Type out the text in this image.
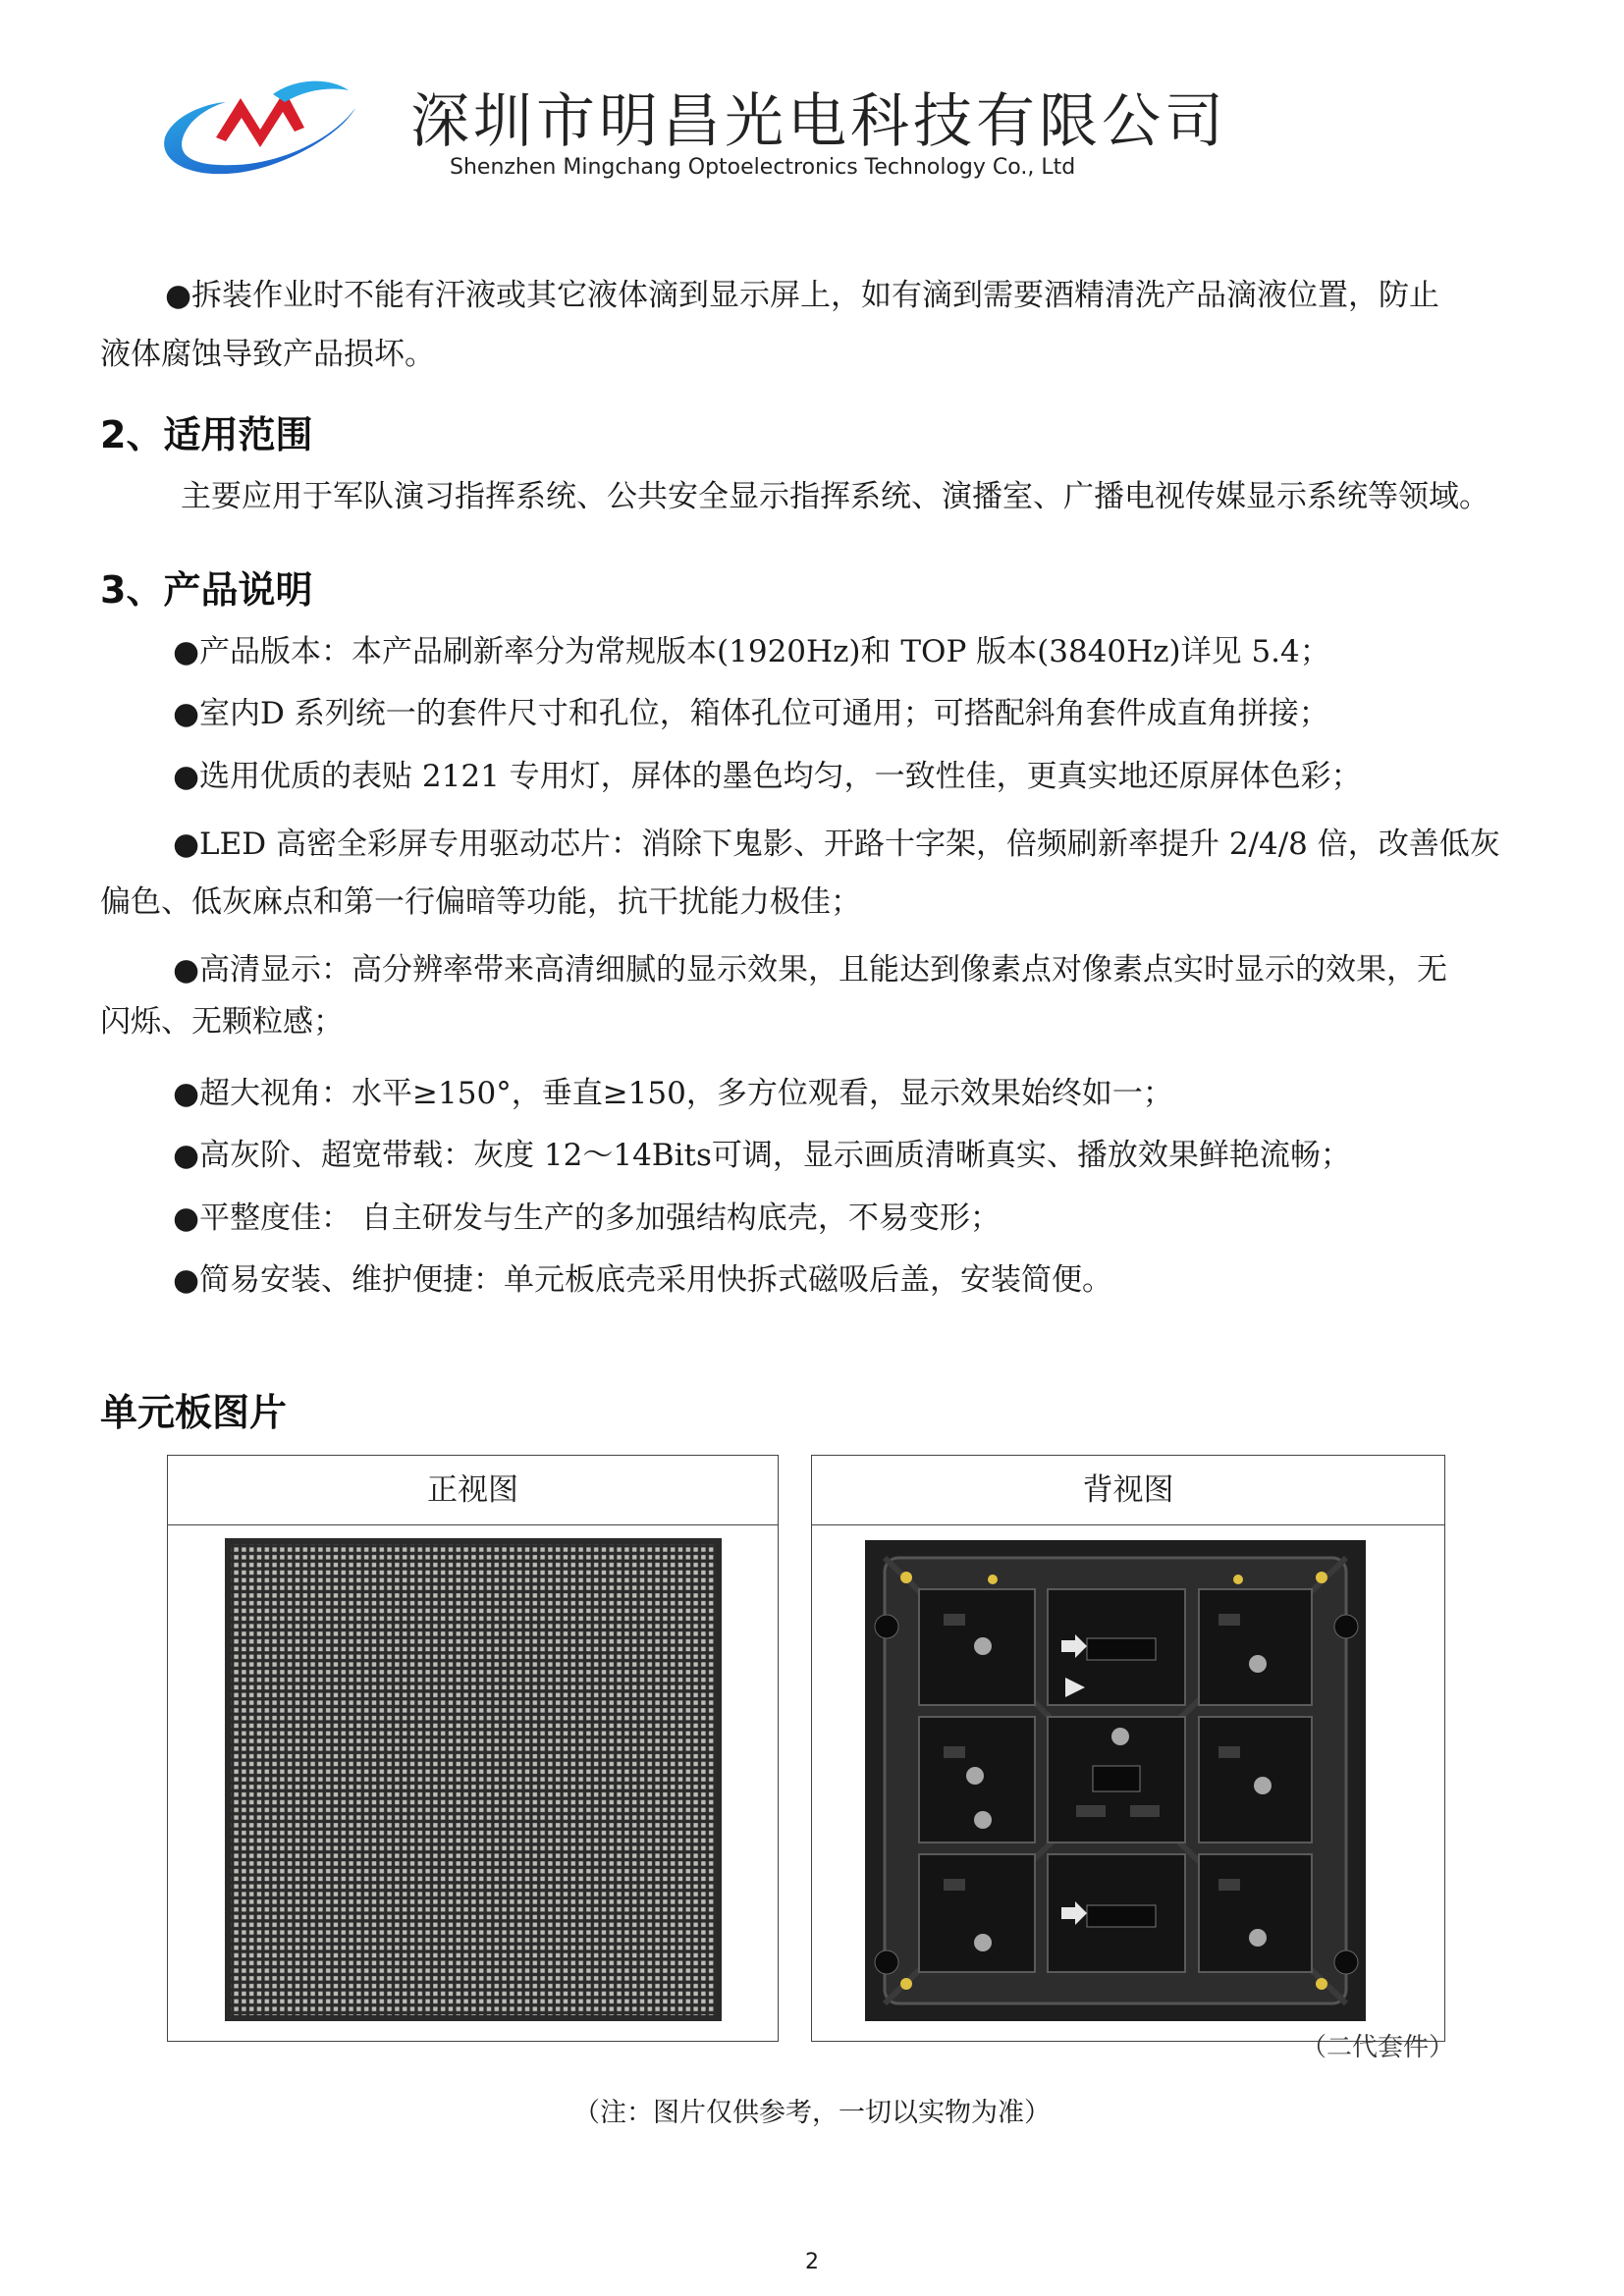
深圳市明昌光电科技有限公司
Shenzhen Mingchang Optoelectronics Technology Co., Ltd
●拆装作业时不能有汗液或其它液体滴到显示屏上，如有滴到需要酒精清洗产品滴液位置，防止
液体腐蚀导致产品损坏。
2、适用范围
主要应用于军队演习指挥系统、公共安全显示指挥系统、演播室、广播电视传媒显示系统等领域。
3、产品说明
●产品版本：本产品刷新率分为常规版本(1920Hz)和 TOP 版本(3840Hz)详见 5.4；
●室内D 系列统一的套件尺寸和孔位，箱体孔位可通用；可搭配斜角套件成直角拼接；
●选用优质的表贴 2121 专用灯，屏体的墨色均匀，一致性佳，更真实地还原屏体色彩；
●LED 高密全彩屏专用驱动芯片：消除下鬼影、开路十字架，倍频刷新率提升 2/4/8 倍，改善低灰
偏色、低灰麻点和第一行偏暗等功能，抗干扰能力极佳；
●高清显示：高分辨率带来高清细腻的显示效果，且能达到像素点对像素点实时显示的效果，无
闪烁、无颗粒感；
●超大视角：水平≥150°，垂直≥150，多方位观看，显示效果始终如一；
●高灰阶、超宽带载：灰度 12～14Bits可调，显示画质清晰真实、播放效果鲜艳流畅；
●平整度佳： 自主研发与生产的多加强结构底壳，不易变形；
●简易安装、维护便捷：单元板底壳采用快拆式磁吸后盖，安装简便。
单元板图片
正视图	背视图
（二代套件）
（注：图片仅供参考，一切以实物为准）
2
